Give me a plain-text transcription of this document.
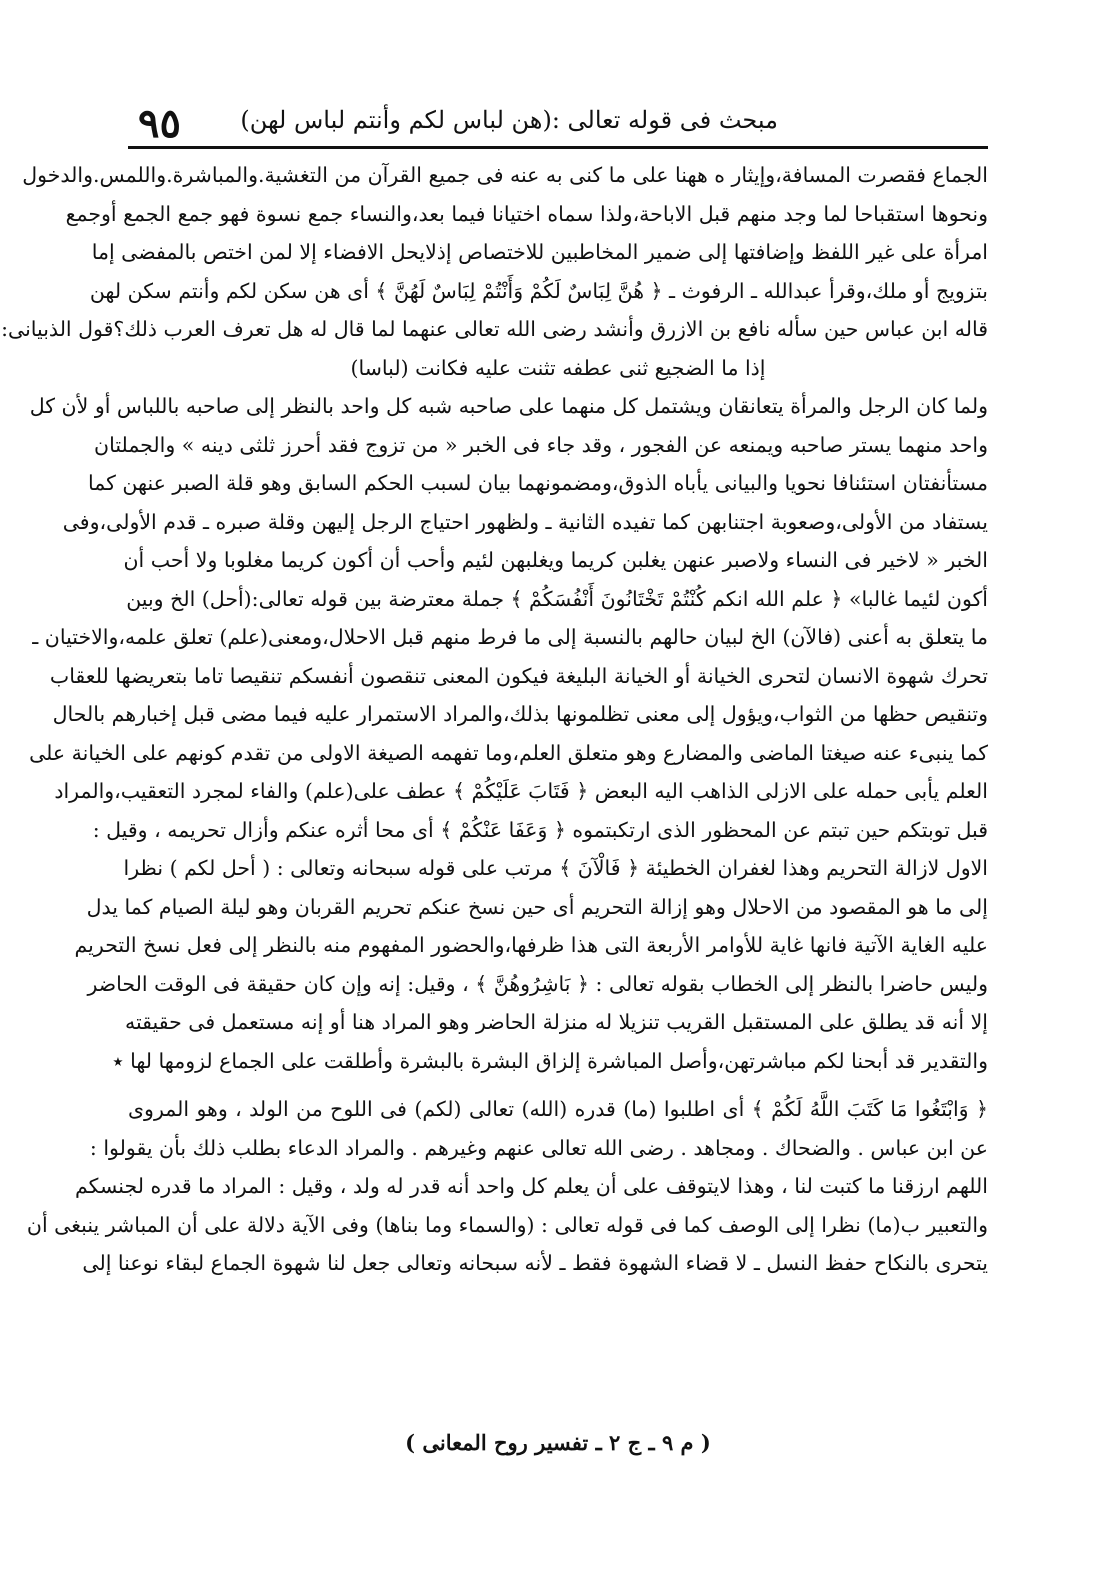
٩٥ مبحث فى قوله تعالى :(هن لباس لكم وأنتم لباس لهن)
الجماع فقصرت المسافة،وإيثار ه ههنا على ما كنى به عنه فى جميع القرآن من التغشية.والمباشرة.واللمس.والدخول
ونحوها استقباحا لما وجد منهم قبل الاباحة،ولذا سماه اختيانا فيما بعد،والنساء جمع نسوة فهو جمع الجمع أوجمع
امرأة على غير اللفظ وإضافتها إلى ضمير المخاطبين للاختصاص إذلايحل الافضاء إلا لمن اختص بالمفضى إما
بتزويج أو ملك،وقرأ عبدالله ـ الرفوث ـ ﴿ هُنَّ لِبَاسٌ لَكُمْ وَأَنْتُمْ لِبَاسٌ لَهُنَّ ﴾ أى هن سكن لكم وأنتم سكن لهن
قاله ابن عباس حين سأله نافع بن الازرق وأنشد رضى الله تعالى عنهما لما قال له هل تعرف العرب ذلك؟قول الذبيانى:
إذا ما الضجيع ثنى عطفه تثنت عليه فكانت (لباسا)
ولما كان الرجل والمرأة يتعانقان ويشتمل كل منهما على صاحبه شبه كل واحد بالنظر إلى صاحبه باللباس أو لأن كل
واحد منهما يستر صاحبه ويمنعه عن الفجور ، وقد جاء فى الخبر « من تزوج فقد أحرز ثلثى دينه » والجملتان
مستأنفتان استئنافا نحويا والبيانى يأباه الذوق،ومضمونهما بيان لسبب الحكم السابق وهو قلة الصبر عنهن كما
يستفاد من الأولى،وصعوبة اجتنابهن كما تفيده الثانية ـ ولظهور احتياج الرجل إليهن وقلة صبره ـ قدم الأولى،وفى
الخبر « لاخير فى النساء ولاصبر عنهن يغلبن كريما ويغلبهن لئيم وأحب أن أكون كريما مغلوبا ولا أحب أن
أكون لئيما غالبا» ﴿ علم الله انكم كُنْتُمْ تَخْتَانُونَ أَنْفُسَكُمْ ﴾ جملة معترضة بين قوله تعالى:(أحل) الخ وبين
ما يتعلق به أعنى (فالآن) الخ لبيان حالهم بالنسبة إلى ما فرط منهم قبل الاحلال،ومعنى(علم) تعلق علمه،والاختيان ـ
تحرك شهوة الانسان لتحرى الخيانة أو الخيانة البليغة فيكون المعنى تنقصون أنفسكم تنقيصا تاما بتعريضها للعقاب
وتنقيص حظها من الثواب،ويؤول إلى معنى تظلمونها بذلك،والمراد الاستمرار عليه فيما مضى قبل إخبارهم بالحال
كما ينبىء عنه صيغتا الماضى والمضارع وهو متعلق العلم،وما تفهمه الصيغة الاولى من تقدم كونهم على الخيانة على
العلم يأبى حمله على الازلى الذاهب اليه البعض ﴿ فَتَابَ عَلَيْكُمْ ﴾ عطف على(علم) والفاء لمجرد التعقيب،والمراد
قبل توبتكم حين تبتم عن المحظور الذى ارتكبتموه ﴿ وَعَفَا عَنْكُمْ ﴾ أى محا أثره عنكم وأزال تحريمه ، وقيل :
الاول لازالة التحريم وهذا لغفران الخطيئة ﴿ فَالْآنَ ﴾ مرتب على قوله سبحانه وتعالى : ( أحل لكم ) نظرا
إلى ما هو المقصود من الاحلال وهو إزالة التحريم أى حين نسخ عنكم تحريم القربان وهو ليلة الصيام كما يدل
عليه الغاية الآتية فانها غاية للأوامر الأربعة التى هذا ظرفها،والحضور المفهوم منه بالنظر إلى فعل نسخ التحريم
وليس حاضرا بالنظر إلى الخطاب بقوله تعالى : ﴿ بَاشِرُوهُنَّ ﴾ ، وقيل: إنه وإن كان حقيقة فى الوقت الحاضر
إلا أنه قد يطلق على المستقبل القريب تنزيلا له منزلة الحاضر وهو المراد هنا أو إنه مستعمل فى حقيقته
والتقدير قد أبحنا لكم مباشرتهن،وأصل المباشرة إلزاق البشرة بالبشرة وأطلقت على الجماع لزومها لها ٭
﴿ وَابْتَغُوا مَا كَتَبَ اللَّهُ لَكُمْ ﴾ أى اطلبوا (ما) قدره (الله) تعالى (لكم) فى اللوح من الولد ، وهو المروى
عن ابن عباس . والضحاك . ومجاهد . رضى الله تعالى عنهم وغيرهم . والمراد الدعاء بطلب ذلك بأن يقولوا :
اللهم ارزقنا ما كتبت لنا ، وهذا لايتوقف على أن يعلم كل واحد أنه قدر له ولد ، وقيل : المراد ما قدره لجنسكم
والتعبير ب(ما) نظرا إلى الوصف كما فى قوله تعالى : (والسماء وما بناها) وفى الآية دلالة على أن المباشر ينبغى أن
يتحرى بالنكاح حفظ النسل ـ لا قضاء الشهوة فقط ـ لأنه سبحانه وتعالى جعل لنا شهوة الجماع لبقاء نوعنا إلى
( م ٩ ـ ج ٢ ـ تفسير روح المعانى )
